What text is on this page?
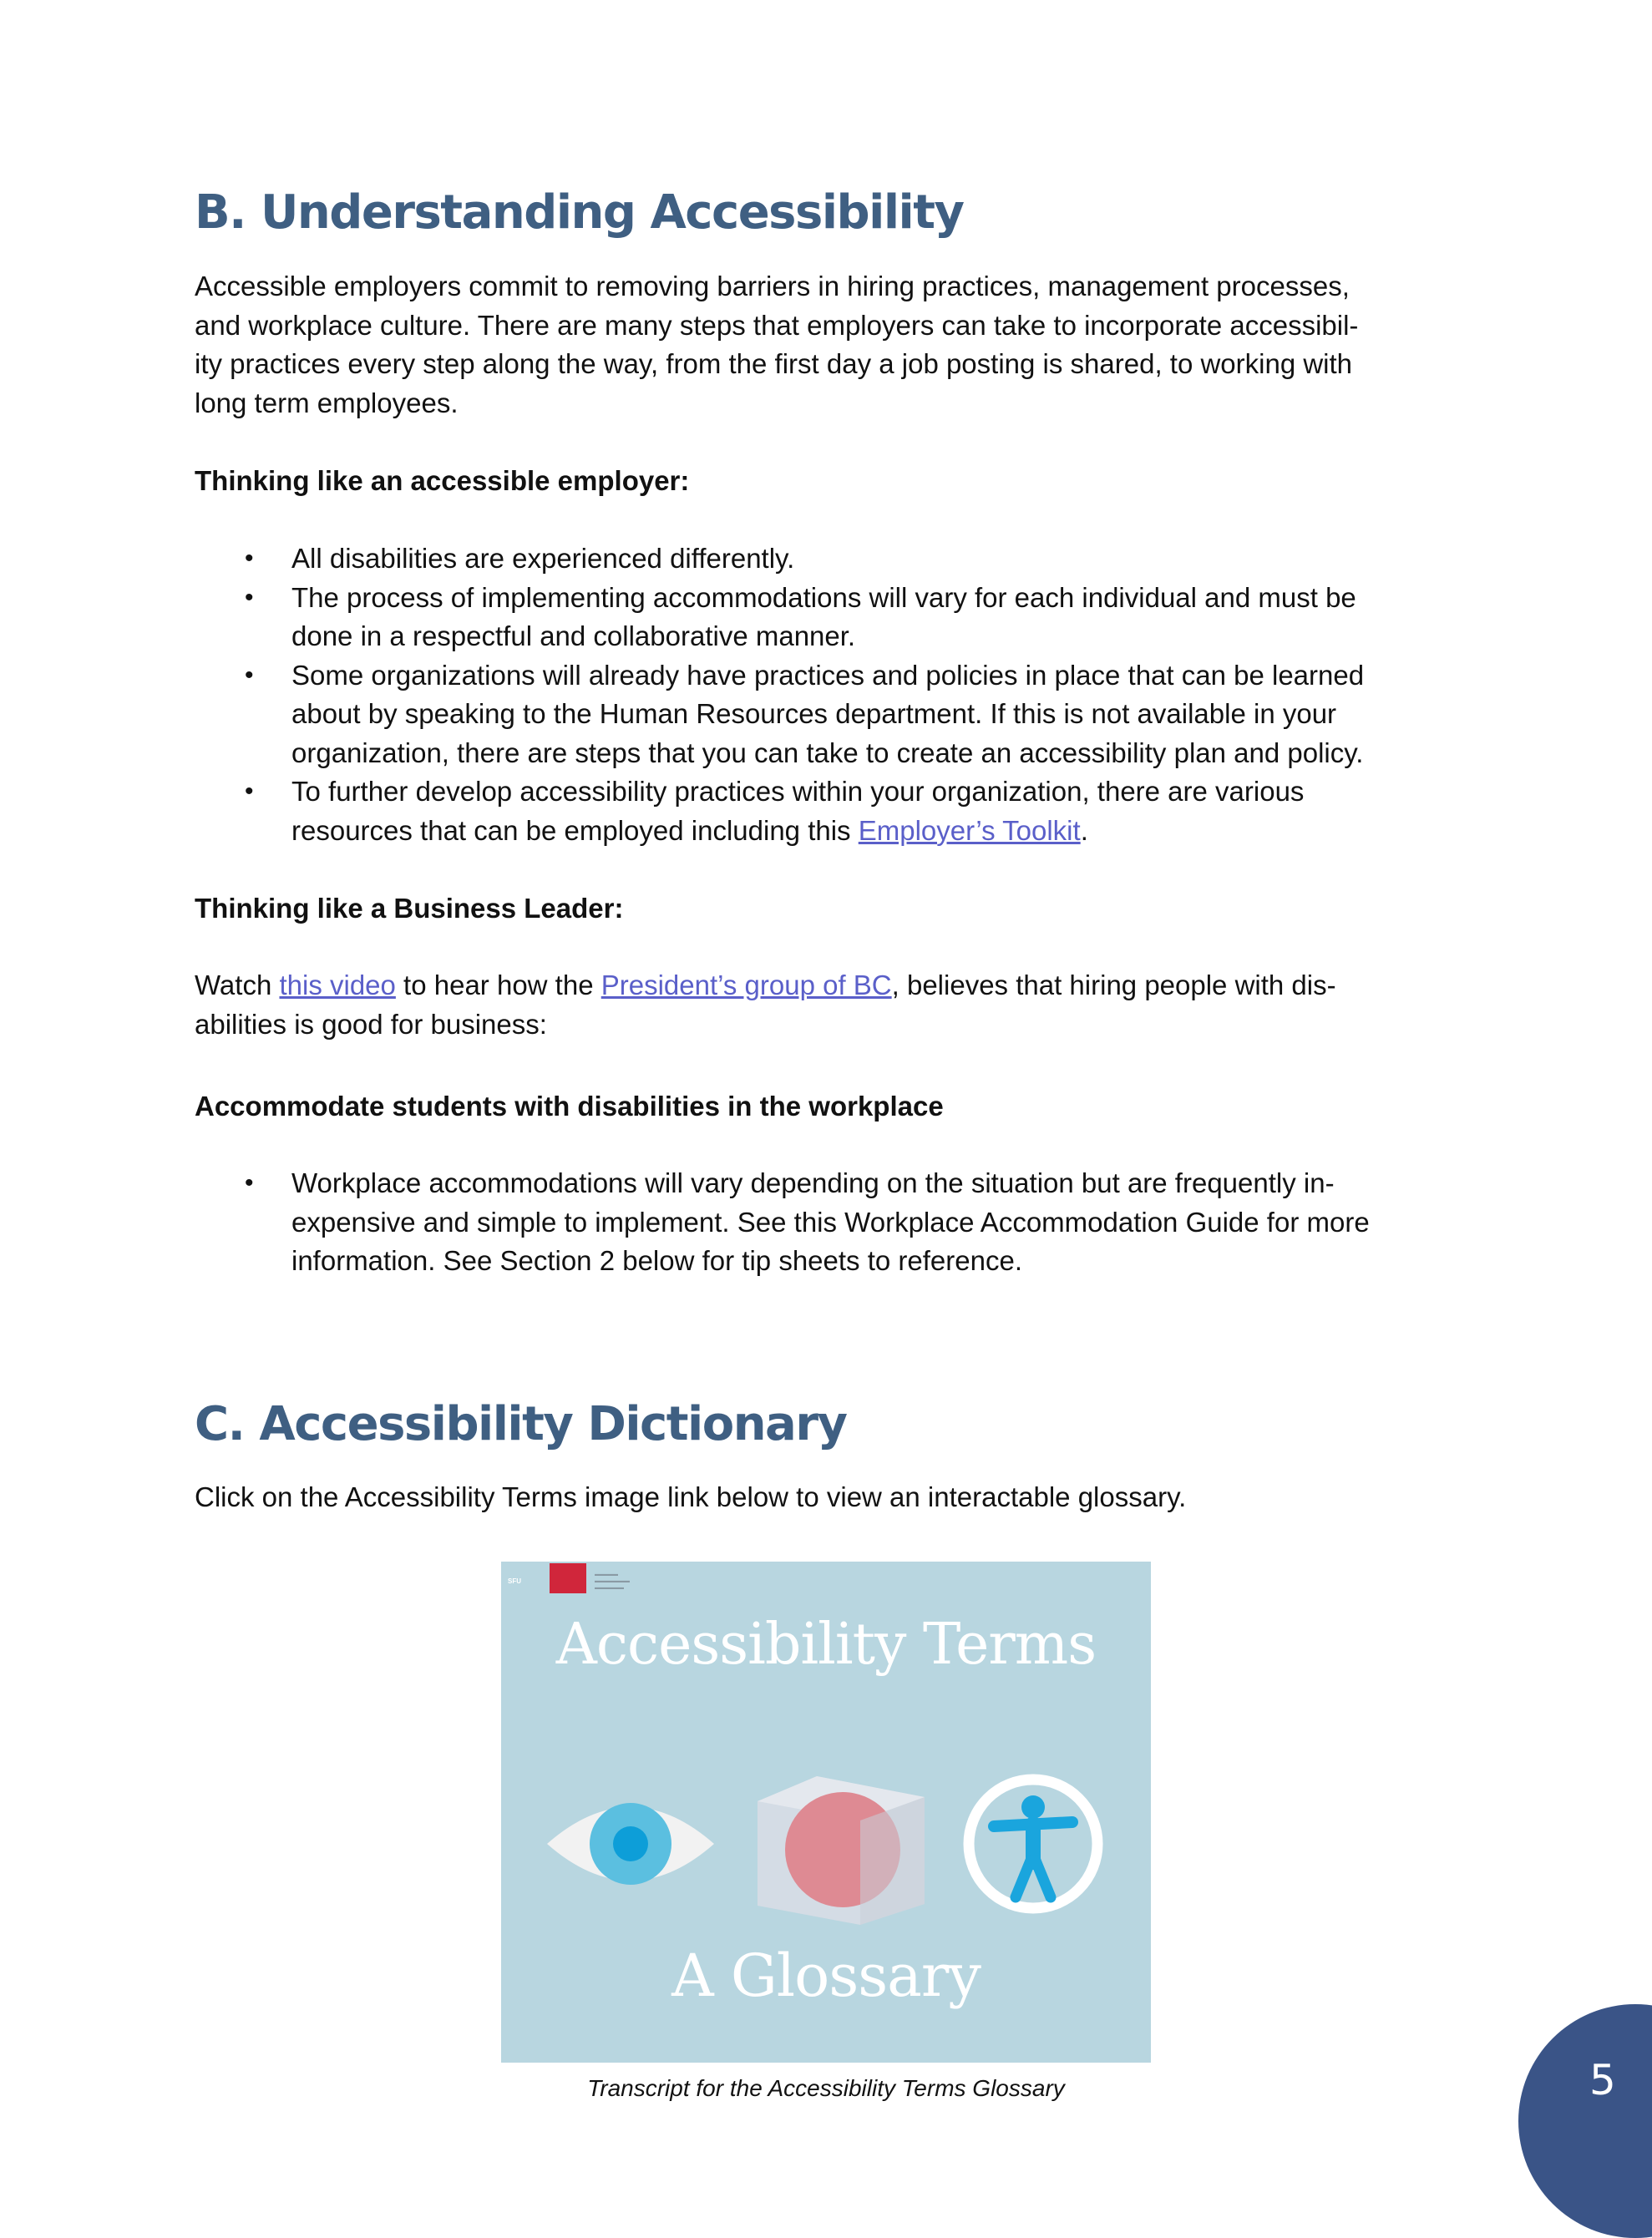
B. Understanding Accessibility
Accessible employers commit to removing barriers in hiring practices, management processes,
and workplace culture. There are many steps that employers can take to incorporate accessibil-
ity practices every step along the way, from the first day a job posting is shared, to working with
long term employees.
Thinking like an accessible employer:
• All disabilities are experienced differently.
• The process of implementing accommodations will vary for each individual and must be
done in a respectful and collaborative manner.
• Some organizations will already have practices and policies in place that can be learned
about by speaking to the Human Resources department. If this is not available in your
organization, there are steps that you can take to create an accessibility plan and policy.
• To further develop accessibility practices within your organization, there are various
resources that can be employed including this Employer’s Toolkit.
Thinking like a Business Leader:
Watch this video to hear how the President’s group of BC, believes that hiring people with dis-
abilities is good for business:
Accommodate students with disabilities in the workplace
• Workplace accommodations will vary depending on the situation but are frequently in-
expensive and simple to implement. See this Workplace Accommodation Guide for more
information. See Section 2 below for tip sheets to reference.
C. Accessibility Dictionary
Click on the Accessibility Terms image link below to view an interactable glossary.
SFU
▬▬▬▬
▬▬▬▬▬▬
▬▬▬▬▬
Accessibility Terms
A Glossary
Transcript for the Accessibility Terms Glossary	5
